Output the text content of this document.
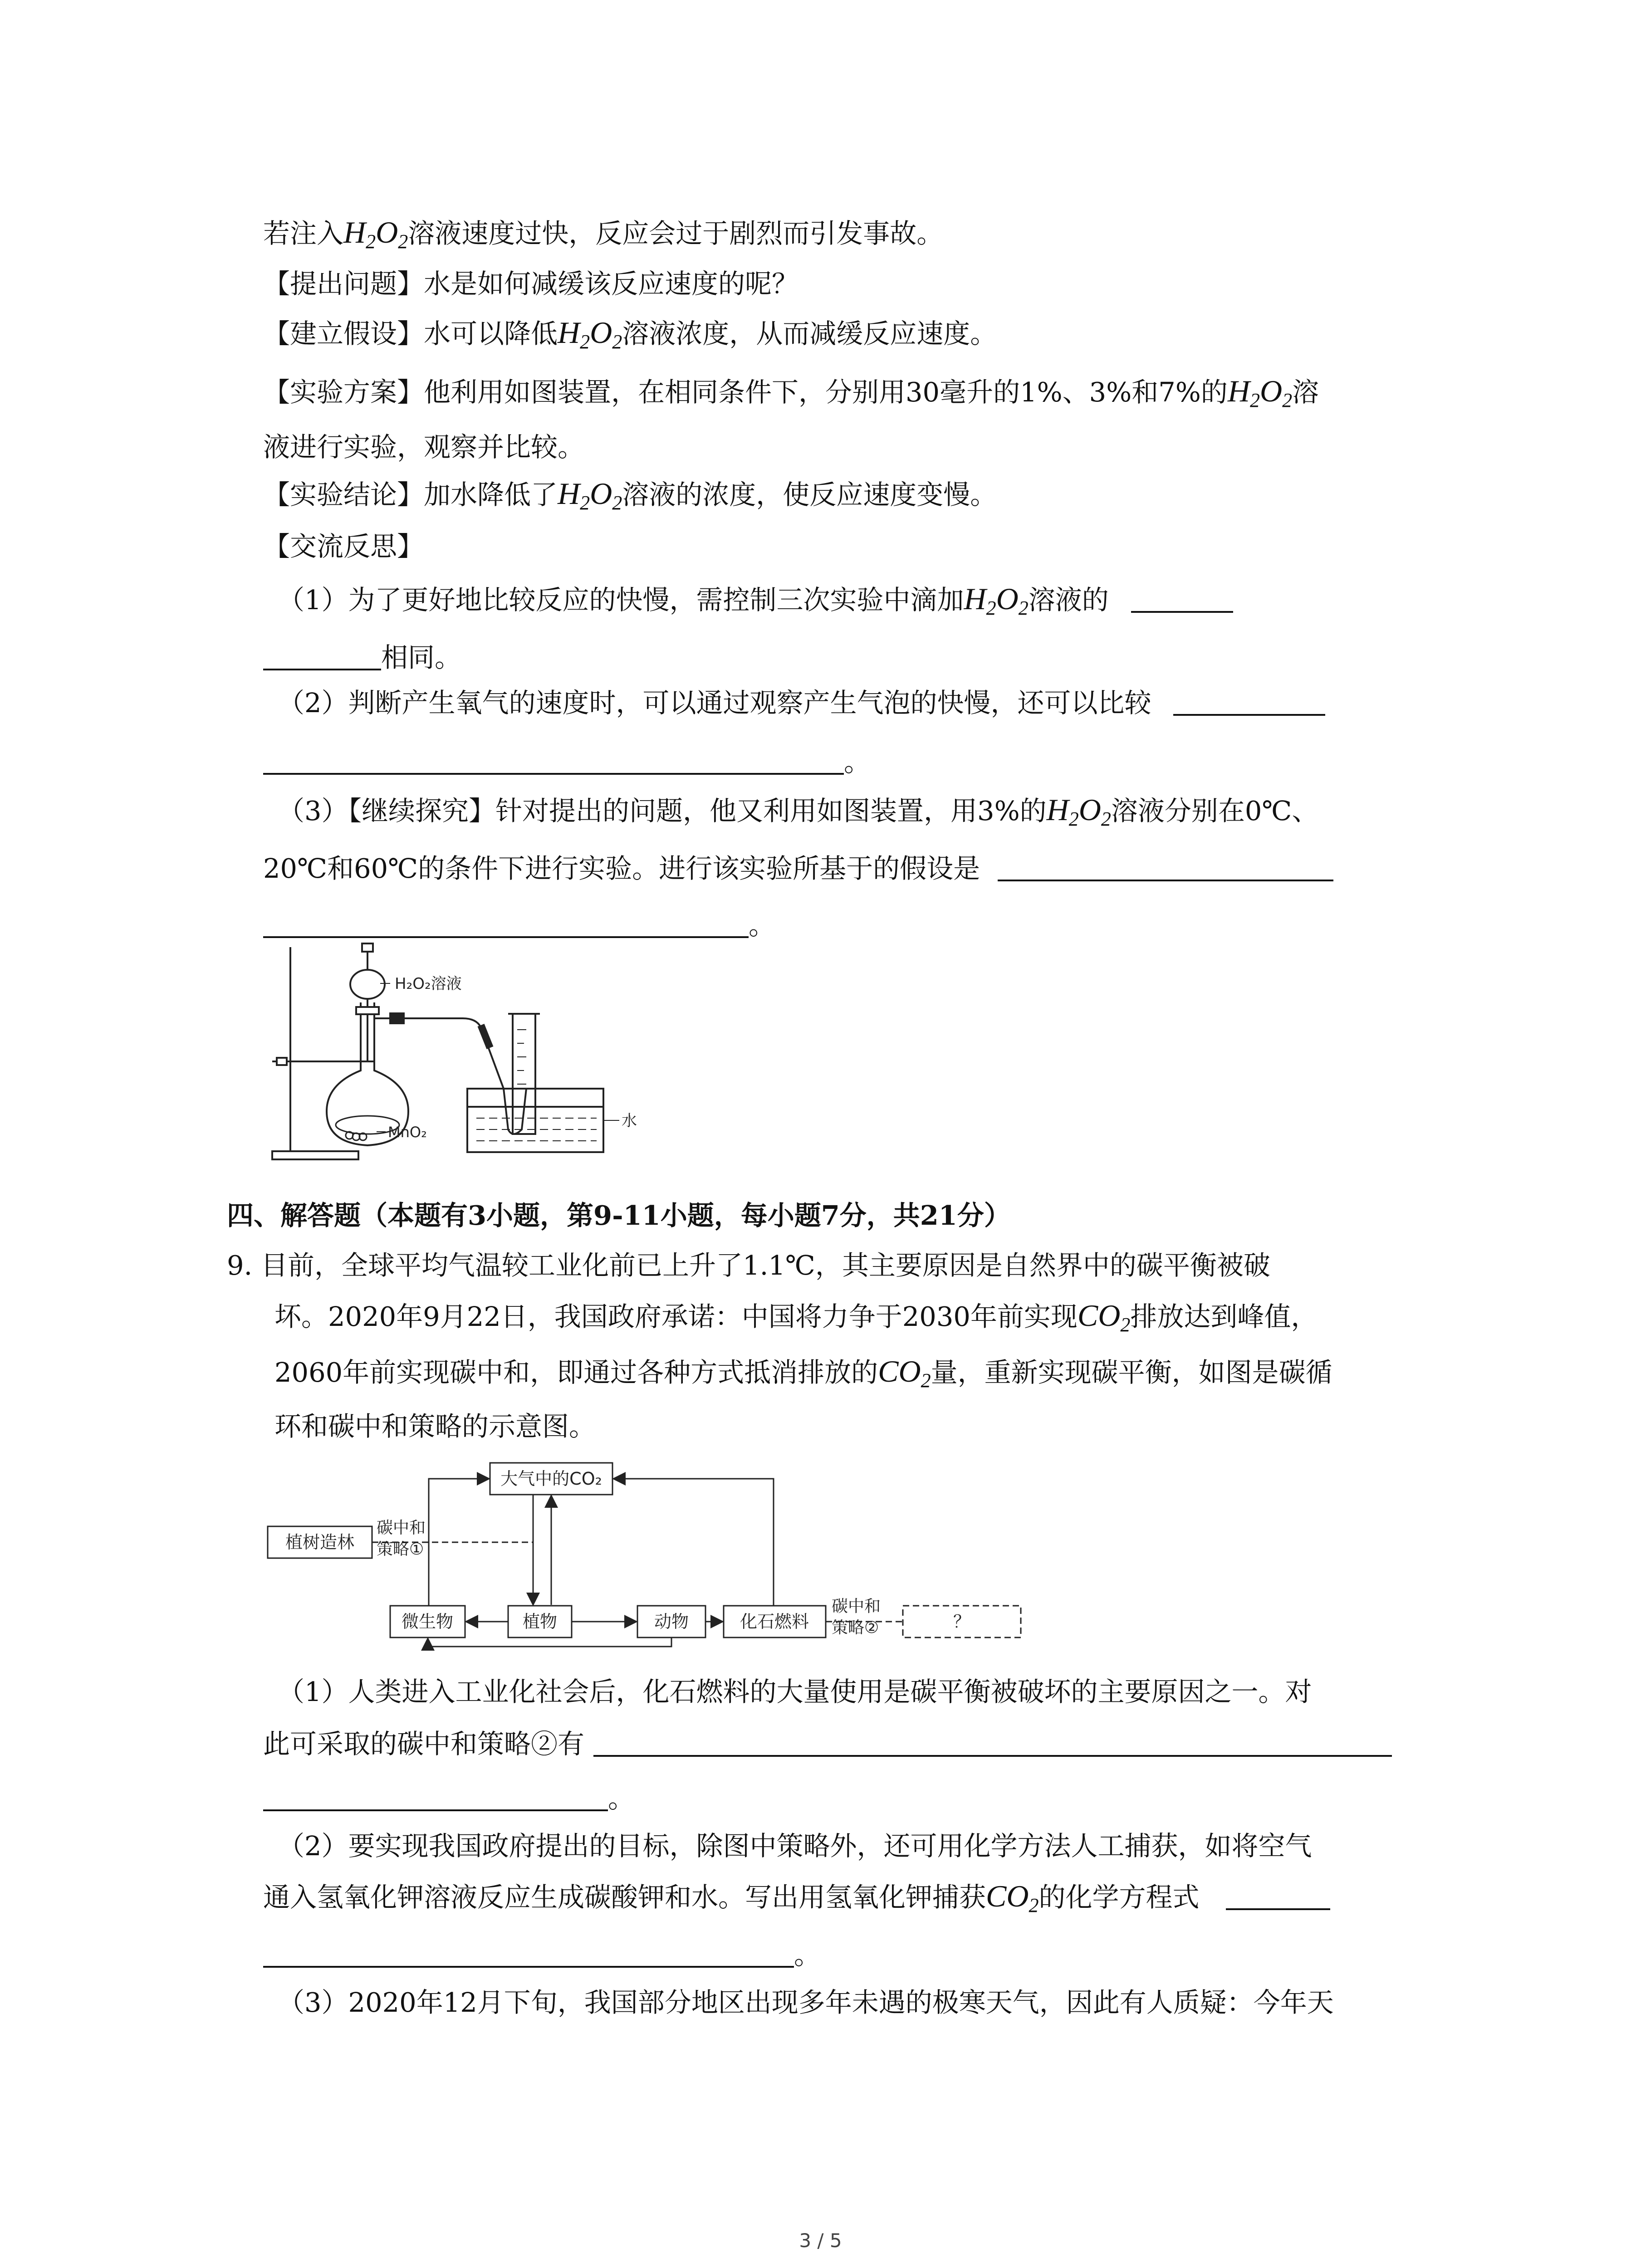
若注入$H_2O_2$溶液速度过快，反应会过于剧烈而引发事故。
【提出问题】水是如何减缓该反应速度的呢？
【建立假设】水可以降低$H_2O_2$溶液浓度，从而减缓反应速度。
【实验方案】他利用如图装置，在相同条件下，分别用30毫升的1%、3%和7%的$H_2O_2$溶
液进行实验，观察并比较。
【实验结论】加水降低了$H_2O_2$溶液的浓度，使反应速度变慢。
【交流反思】
（1）为了更好地比较反应的快慢，需控制三次实验中滴加$H_2O_2$溶液的
相同。
（2）判断产生氧气的速度时，可以通过观察产生气泡的快慢，还可以比较
。
（3）【继续探究】针对提出的问题，他又利用如图装置，用3%的$H_2O_2$溶液分别在0℃、
20℃和60℃的条件下进行实验。进行该实验所基于的假设是
。
H₂O₂溶液
MnO₂
水
四、解答题（本题有3小题，第9-11小题，每小题7分，共21分）
9. 目前，全球平均气温较工业化前已上升了1.1℃，其主要原因是自然界中的碳平衡被破
坏。2020年9月22日，我国政府承诺：中国将力争于2030年前实现$CO_2$排放达到峰值，
2060年前实现碳中和，即通过各种方式抵消排放的$CO_2$量，重新实现碳平衡，如图是碳循
环和碳中和策略的示意图。
大气中的CO₂
植树造林
微生物	植物	动物	化石燃料	？
碳中和
策略①
碳中和
策略②
（1）人类进入工业化社会后，化石燃料的大量使用是碳平衡被破坏的主要原因之一。对
此可采取的碳中和策略②有
。
（2）要实现我国政府提出的目标，除图中策略外，还可用化学方法人工捕获，如将空气
通入氢氧化钾溶液反应生成碳酸钾和水。写出用氢氧化钾捕获$CO_2$的化学方程式
。
（3）2020年12月下旬，我国部分地区出现多年未遇的极寒天气，因此有人质疑：今年天
3 / 5
